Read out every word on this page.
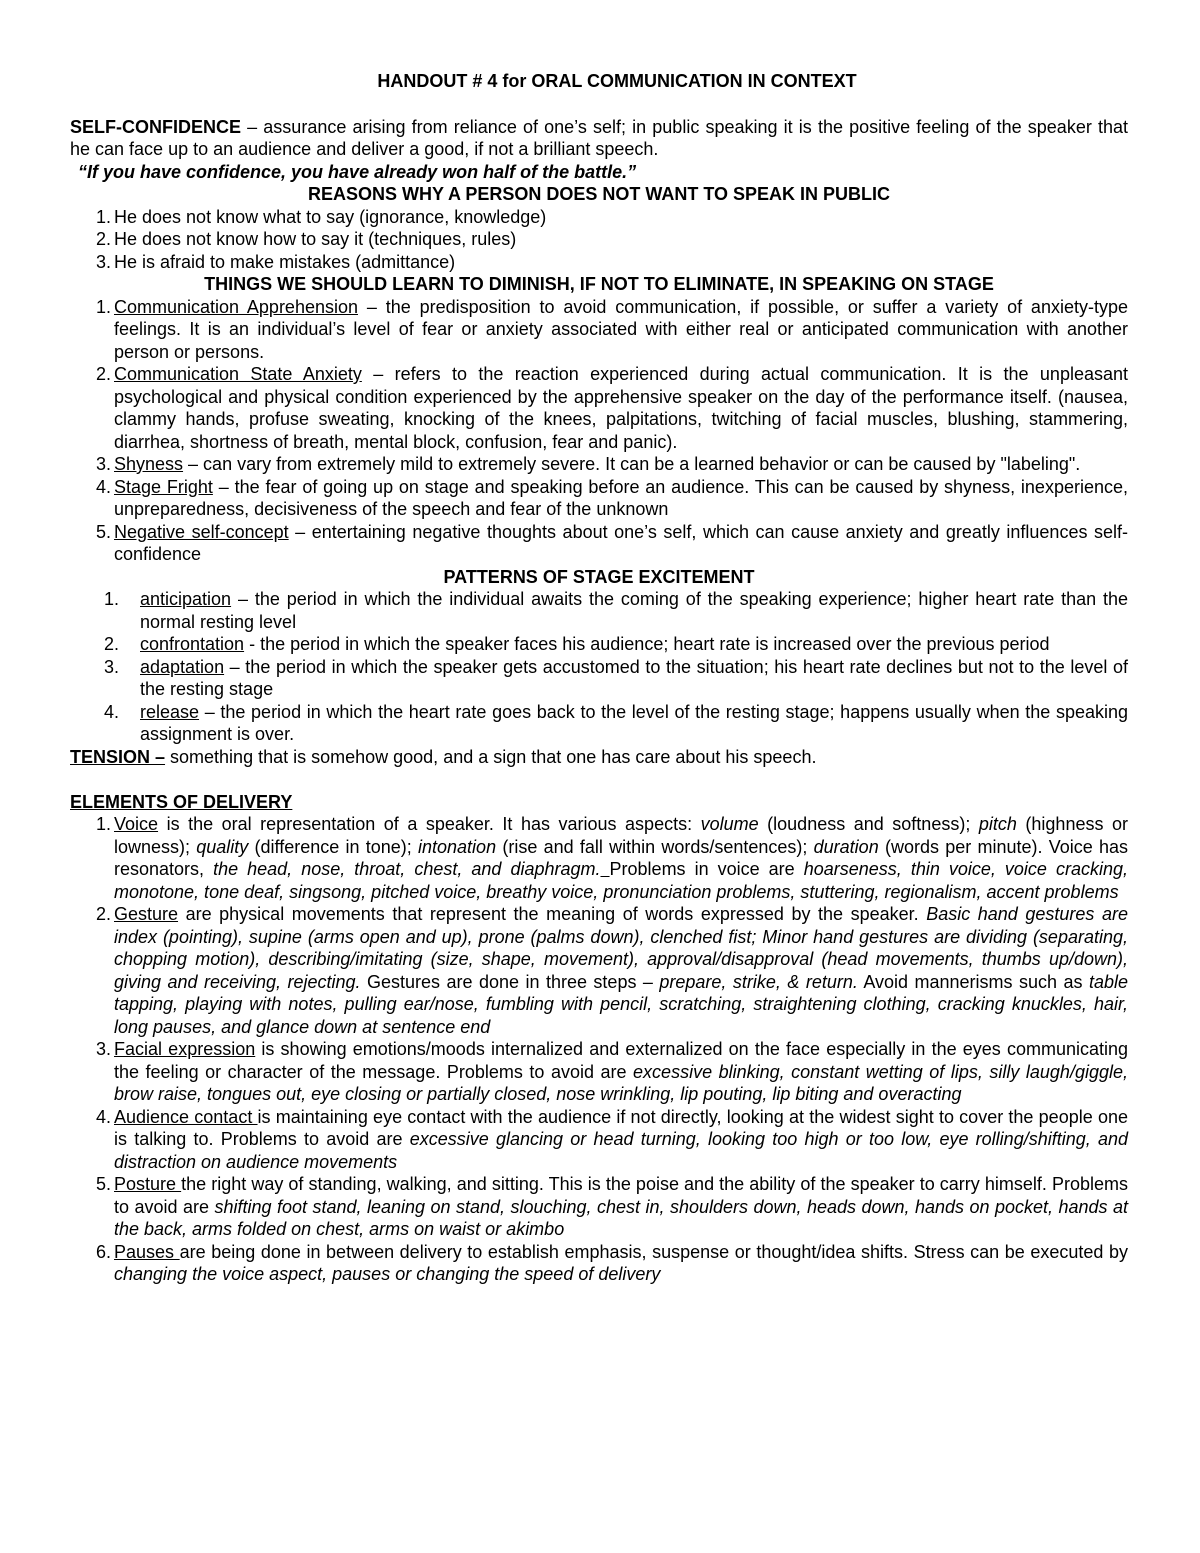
HANDOUT # 4 for ORAL COMMUNICATION IN CONTEXT

SELF-CONFIDENCE – assurance arising from reliance of one’s self; in public speaking it is the positive feeling of the speaker that he can face up to an audience and deliver a good, if not a brilliant speech.

“If you have confidence, you have already won half of the battle.”

REASONS WHY A PERSON DOES NOT WANT TO SPEAK IN PUBLIC
1. He does not know what to say (ignorance, knowledge)
2. He does not know how to say it (techniques, rules)
3. He is afraid to make mistakes (admittance)
THINGS WE SHOULD LEARN TO DIMINISH, IF NOT TO ELIMINATE, IN SPEAKING ON STAGE
1. Communication Apprehension – the predisposition to avoid communication, if possible, or suffer a variety of anxiety-type feelings. It is an individual’s level of fear or anxiety associated with either real or anticipated communication with another person or persons.
2. Communication State Anxiety – refers to the reaction experienced during actual communication. It is the unpleasant psychological and physical condition experienced by the apprehensive speaker on the day of the performance itself. (nausea, clammy hands, profuse sweating, knocking of the knees, palpitations, twitching of facial muscles, blushing, stammering, diarrhea, shortness of breath, mental block, confusion, fear and panic).
3. Shyness – can vary from extremely mild to extremely severe. It can be a learned behavior or can be caused by "labeling".
4. Stage Fright – the fear of going up on stage and speaking before an audience. This can be caused by shyness, inexperience, unpreparedness, decisiveness of the speech and fear of the unknown
5. Negative self-concept – entertaining negative thoughts about one’s self, which can cause anxiety and greatly influences self-confidence
PATTERNS OF STAGE EXCITEMENT
1. anticipation – the period in which the individual awaits the coming of the speaking experience; higher heart rate than the normal resting level
2. confrontation - the period in which the speaker faces his audience; heart rate is increased over the previous period
3. adaptation – the period in which the speaker gets accustomed to the situation; his heart rate declines but not to the level of the resting stage
4. release – the period in which the heart rate goes back to the level of the resting stage; happens usually when the speaking assignment is over.

TENSION – something that is somehow good, and a sign that one has care about his speech.

ELEMENTS OF DELIVERY
1. Voice is the oral representation of a speaker. It has various aspects: volume (loudness and softness); pitch (highness or lowness); quality (difference in tone); intonation (rise and fall within words/sentences); duration (words per minute). Voice has resonators, the head, nose, throat, chest, and diaphragm. Problems in voice are hoarseness, thin voice, voice cracking, monotone, tone deaf, singsong, pitched voice, breathy voice, pronunciation problems, stuttering, regionalism, accent problems
2. Gesture are physical movements that represent the meaning of words expressed by the speaker. Basic hand gestures are index (pointing), supine (arms open and up), prone (palms down), clenched fist; Minor hand gestures are dividing (separating, chopping motion), describing/imitating (size, shape, movement), approval/disapproval (head movements, thumbs up/down), giving and receiving, rejecting. Gestures are done in three steps – prepare, strike, & return. Avoid mannerisms such as table tapping, playing with notes, pulling ear/nose, fumbling with pencil, scratching, straightening clothing, cracking knuckles, hair, long pauses, and glance down at sentence end
3. Facial expression is showing emotions/moods internalized and externalized on the face especially in the eyes communicating the feeling or character of the message. Problems to avoid are excessive blinking, constant wetting of lips, silly laugh/giggle, brow raise, tongues out, eye closing or partially closed, nose wrinkling, lip pouting, lip biting and overacting
4. Audience contact is maintaining eye contact with the audience if not directly, looking at the widest sight to cover the people one is talking to. Problems to avoid are excessive glancing or head turning, looking too high or too low, eye rolling/shifting, and distraction on audience movements
5. Posture the right way of standing, walking, and sitting. This is the poise and the ability of the speaker to carry himself. Problems to avoid are shifting foot stand, leaning on stand, slouching, chest in, shoulders down, heads down, hands on pocket, hands at the back, arms folded on chest, arms on waist or akimbo
6. Pauses are being done in between delivery to establish emphasis, suspense or thought/idea shifts. Stress can be executed by changing the voice aspect, pauses or changing the speed of delivery
